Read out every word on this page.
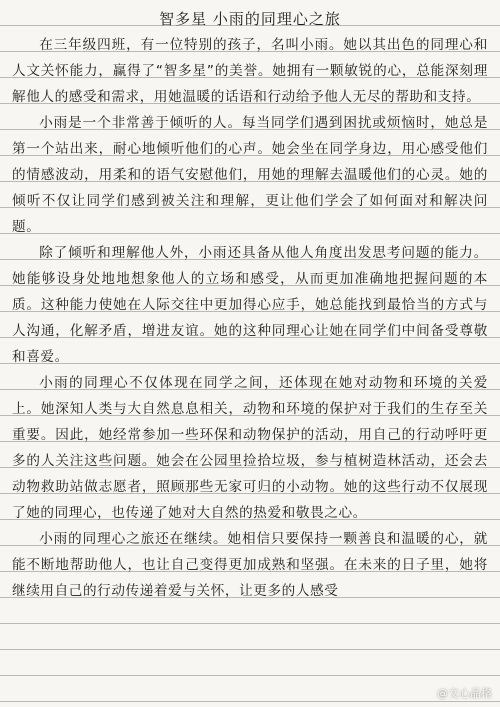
智多星 小雨的同理心之旅

在三年级四班，有一位特别的孩子，名叫小雨。她以其出色的同理心和人文关怀能力，赢得了“智多星”的美誉。她拥有一颗敏锐的心，总能深刻理解他人的感受和需求，用她温暖的话语和行动给予他人无尽的帮助和支持。

小雨是一个非常善于倾听的人。每当同学们遇到困扰或烦恼时，她总是第一个站出来，耐心地倾听他们的心声。她会坐在同学身边，用心感受他们的情感波动，用柔和的语气安慰他们，用她的理解去温暖他们的心灵。她的倾听不仅让同学们感到被关注和理解，更让他们学会了如何面对和解决问题。

除了倾听和理解他人外，小雨还具备从他人角度出发思考问题的能力。她能够设身处地地想象他人的立场和感受，从而更加准确地把握问题的本质。这种能力使她在人际交往中更加得心应手，她总能找到最恰当的方式与人沟通，化解矛盾，增进友谊。她的这种同理心让她在同学们中间备受尊敬和喜爱。

小雨的同理心不仅体现在同学之间，还体现在她对动物和环境的关爱上。她深知人类与大自然息息相关，动物和环境的保护对于我们的生存至关重要。因此，她经常参加一些环保和动物保护的活动，用自己的行动呼吁更多的人关注这些问题。她会在公园里捡拾垃圾，参与植树造林活动，还会去动物救助站做志愿者，照顾那些无家可归的小动物。她的这些行动不仅展现了她的同理心，也传递了她对大自然的热爱和敬畏之心。

小雨的同理心之旅还在继续。她相信只要保持一颗善良和温暖的心，就能不断地帮助他人，也让自己变得更加成熟和坚强。在未来的日子里，她将继续用自己的行动传递着爱与关怀，让更多的人感受

@文心晶格
